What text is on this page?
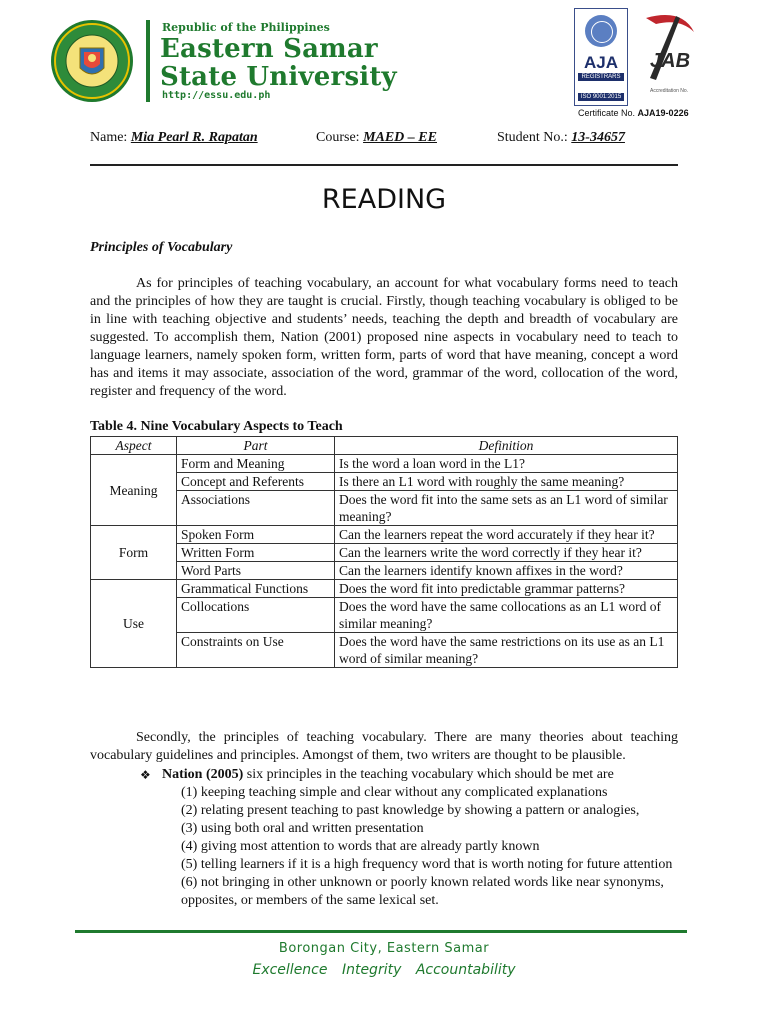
Republic of the Philippines
Eastern Samar
State University
http://essu.edu.ph
AJA
REGISTRARS
ISO 9001:2015
JAB
Accreditation No.
Certificate No. AJA19-0226
Name: Mia Pearl R. Rapatan	Course: MAED – EE	Student No.: 13-34657
READING
Principles of Vocabulary
As for principles of teaching vocabulary, an account for what vocabulary forms need to teach and the principles of how they are taught is crucial. Firstly, though teaching vocabulary is obliged to be in line with teaching objective and students’ needs, teaching the depth and breadth of vocabulary are suggested. To accomplish them, Nation (2001) proposed nine aspects in vocabulary need to teach to language learners, namely spoken form, written form, parts of word that have meaning, concept a word has and items it may associate, association of the word, grammar of the word, collocation of the word, register and frequency of the word.
Table 4. Nine Vocabulary Aspects to Teach
Aspect	Part	Definition
Meaning	Form and Meaning	Is the word a loan word in the L1?
	Concept and Referents	Is there an L1 word with roughly the same meaning?
	Associations	Does the word fit into the same sets as an L1 word of similar meaning?
Form	Spoken Form	Can the learners repeat the word accurately if they hear it?
	Written Form	Can the learners write the word correctly if they hear it?
	Word Parts	Can the learners identify known affixes in the word?
Use	Grammatical Functions	Does the word fit into predictable grammar patterns?
	Collocations	Does the word have the same collocations as an L1 word of similar meaning?
	Constraints on Use	Does the word have the same restrictions on its use as an L1 word of similar meaning?
Secondly, the principles of teaching vocabulary. There are many theories about teaching vocabulary guidelines and principles. Amongst of them, two writers are thought to be plausible.
❖ Nation (2005) six principles in the teaching vocabulary which should be met are
(1) keeping teaching simple and clear without any complicated explanations
(2) relating present teaching to past knowledge by showing a pattern or analogies,
(3) using both oral and written presentation
(4) giving most attention to words that are already partly known
(5) telling learners if it is a high frequency word that is worth noting for future attention
(6) not bringing in other unknown or poorly known related words like near synonyms, opposites, or members of the same lexical set.
Borongan City, Eastern Samar
Excellence Integrity Accountability
